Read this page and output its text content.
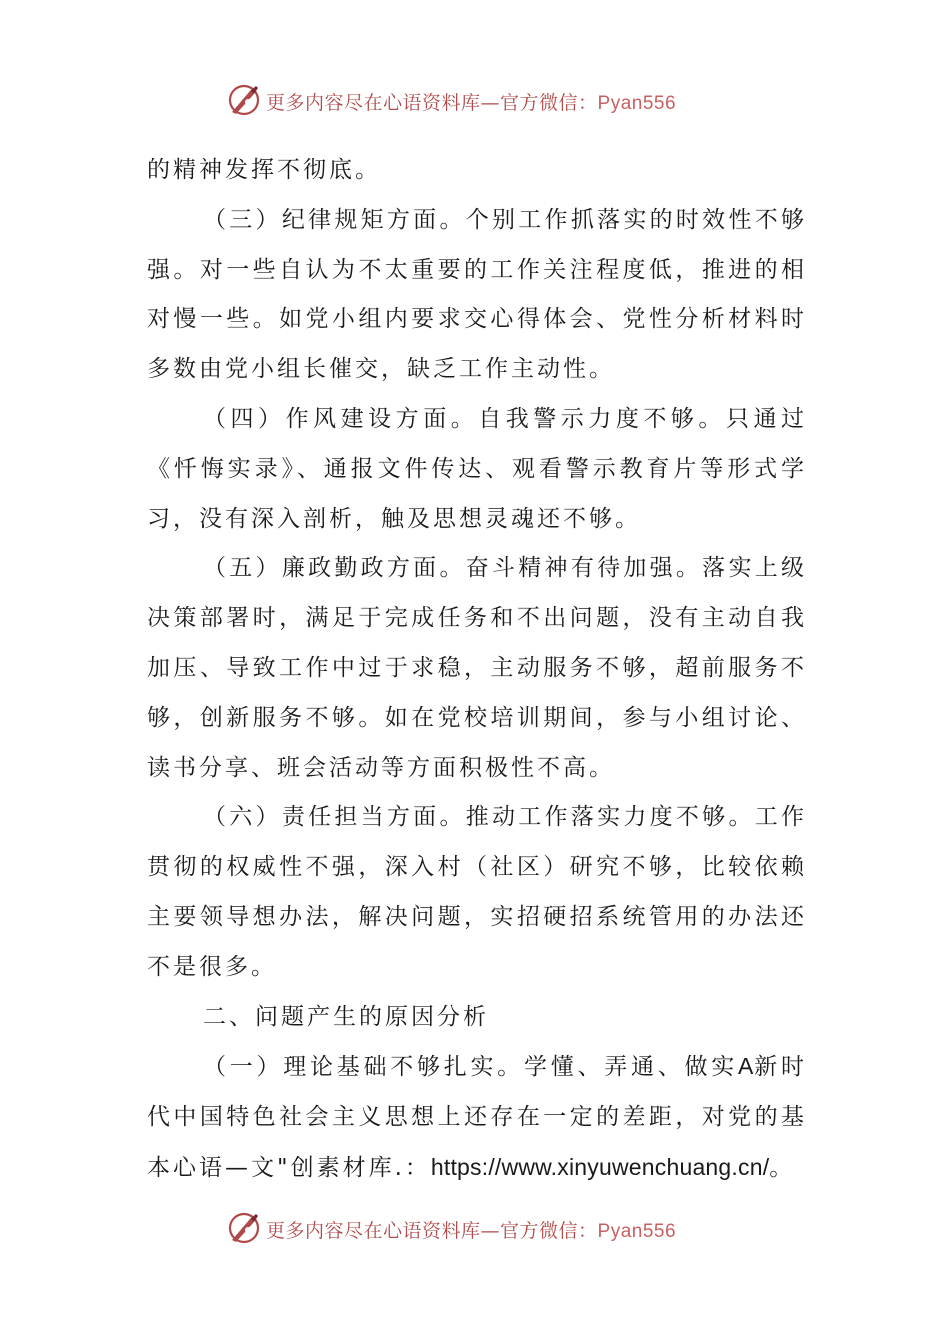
更多内容尽在心语资料库—官方微信：Pyan556

的精神发挥不彻底。

（三）纪律规矩方面。个别工作抓落实的时效性不够强。对一些自认为不太重要的工作关注程度低，推进的相对慢一些。如党小组内要求交心得体会、党性分析材料时多数由党小组长催交，缺乏工作主动性。

（四）作风建设方面。自我警示力度不够。只通过《忏悔实录》、通报文件传达、观看警示教育片等形式学习，没有深入剖析，触及思想灵魂还不够。

（五）廉政勤政方面。奋斗精神有待加强。落实上级决策部署时，满足于完成任务和不出问题，没有主动自我加压、导致工作中过于求稳，主动服务不够，超前服务不够，创新服务不够。如在党校培训期间，参与小组讨论、读书分享、班会活动等方面积极性不高。

（六）责任担当方面。推动工作落实力度不够。工作贯彻的权威性不强，深入村（社区）研究不够，比较依赖主要领导想办法，解决问题，实招硬招系统管用的办法还不是很多。

二、问题产生的原因分析

（一）理论基础不够扎实。学懂、弄通、做实A新时代中国特色社会主义思想上还存在一定的差距，对党的基本心语—文"创素材库.：https://www.xinyuwenchuang.cn/。

更多内容尽在心语资料库—官方微信：Pyan556
